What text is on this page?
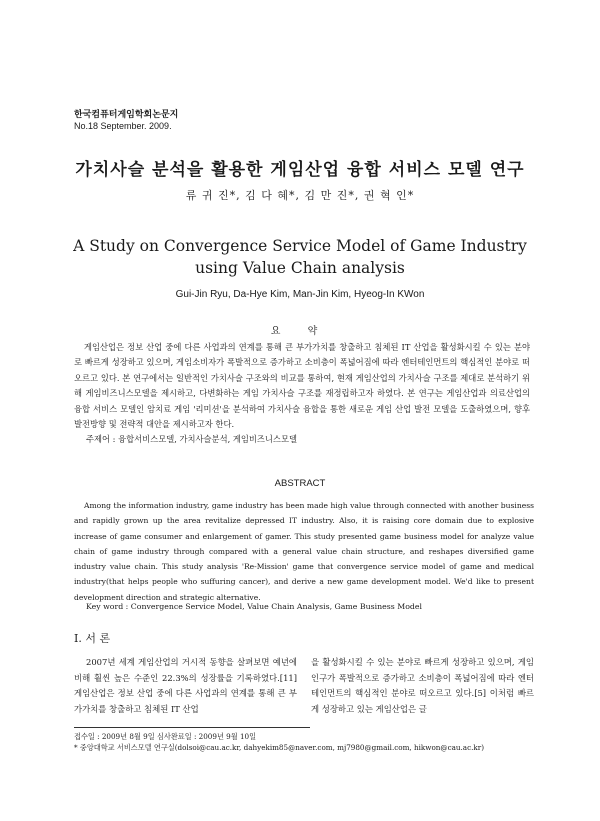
한국컴퓨터게임학회논문지
No.18 September. 2009.
가치사슬 분석을 활용한 게임산업 융합 서비스 모델 연구
류 귀 진*, 김 다 혜*, 김 만 진*, 권 혁 인*
A Study on Convergence Service Model of Game Industry using Value Chain analysis
Gui-Jin Ryu, Da-Hye Kim, Man-Jin Kim, Hyeog-In KWon
요 약
게임산업은 정보 산업 중에 다른 사업과의 연계를 통해 큰 부가가치를 창출하고 침체된 IT 산업을 활성화시킬 수 있는 분야로 빠르게 성장하고 있으며, 게임소비자가 폭발적으로 증가하고 소비층이 폭넓어짐에 따라 엔터테인먼트의 핵심적인 분야로 떠오르고 있다. 본 연구에서는 일반적인 가치사슬 구조와의 비교를 통하여, 현재 게임산업의 가치사슬 구조를 제대로 분석하기 위해 게임비즈니스모델을 제시하고, 다변화하는 게임 가치사슬 구조를 재정립하고자 하였다. 본 연구는 게임산업과 의료산업의 융합 서비스 모델인 암치료 게임 '리미션'을 분석하여 가치사슬 융합을 통한 새로운 게임 산업 발전 모델을 도출하였으며, 향후 발전방향 및 전략적 대안을 제시하고자 한다.
주제어 : 융합서비스모델, 가치사슬분석, 게임비즈니스모델
ABSTRACT
Among the information industry, game industry has been made high value through connected with another business and rapidly grown up the area revitalize depressed IT industry. Also, it is raising core domain due to explosive increase of game consumer and enlargement of gamer. This study presented game business model for analyze value chain of game industry through compared with a general value chain structure, and reshapes diversified game industry value chain. This study analysis 'Re-Mission' game that convergence service model of game and medical industry(that helps people who suffuring cancer), and derive a new game development model. We'd like to present development direction and strategic alternative.
Key word : Convergence Service Model, Value Chain Analysis, Game Business Model
Ⅰ. 서 론
2007년 세계 게임산업의 거시적 동향을 살펴보면 예년에 비해 훨씬 높은 수준인 22.3%의 성장률을 기록하였다.[11] 게임산업은 정보 산업 중에 다른 사업과의 연계를 통해 큰 부가가치를 창출하고 침체된 IT 산업
을 활성화시킬 수 있는 분야로 빠르게 성장하고 있으며, 게임인구가 폭발적으로 증가하고 소비층이 폭넓어짐에 따라 엔터테인먼트의 핵심적인 분야로 떠오르고 있다.[5] 이처럼 빠르게 성장하고 있는 게임산업은 글
접수일 : 2009년 8월 9일 심사완료일 : 2009년 9월 10일
* 중앙대학교 서비스모델 연구실(dolsoi@cau.ac.kr, dahyekim85@naver.com, mj7980@gmail.com, hikwon@cau.ac.kr)
